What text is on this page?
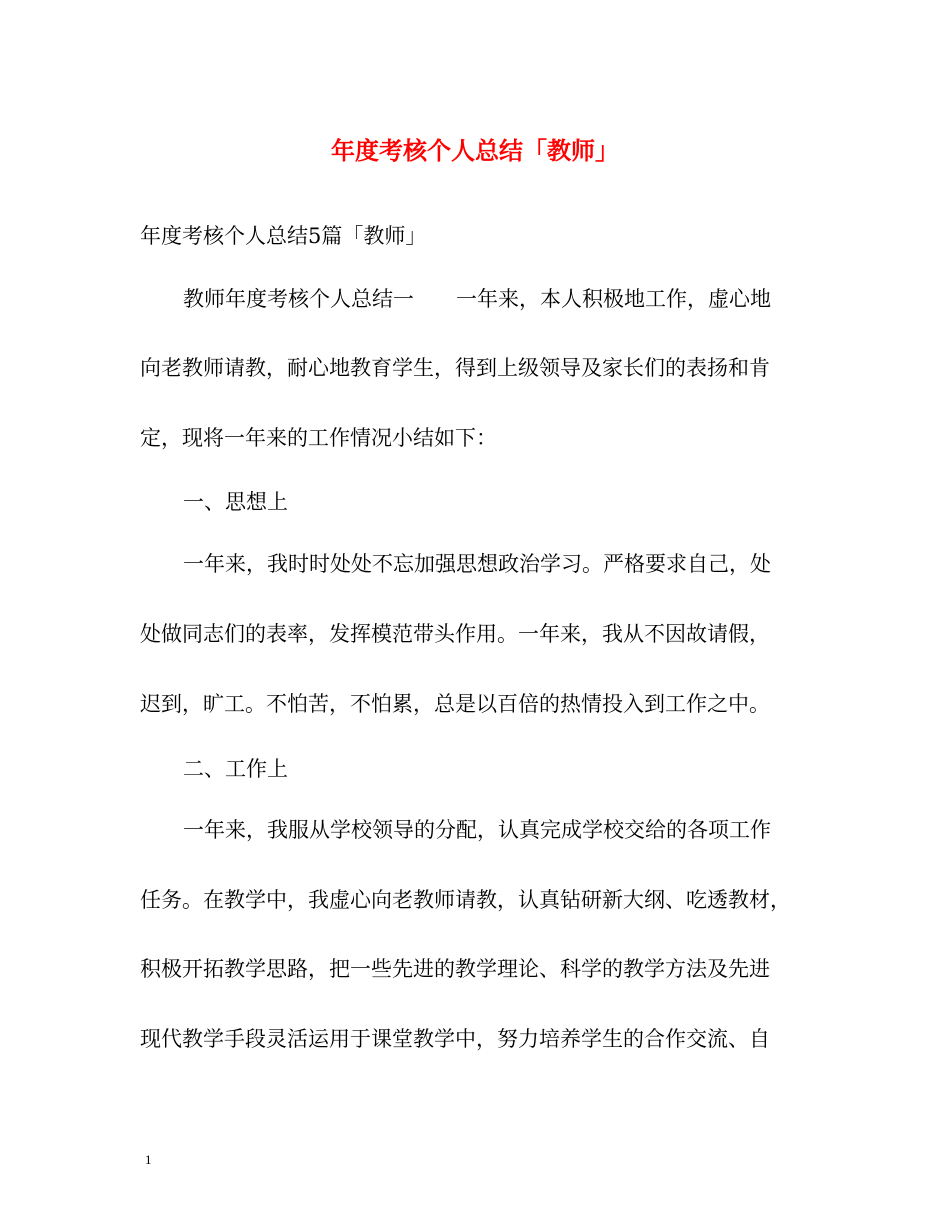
年度考核个人总结「教师」
年度考核个人总结5篇「教师」
教师年度考核个人总结一　　一年来，本人积极地工作，虚心地
向老教师请教，耐心地教育学生，得到上级领导及家长们的表扬和肯
定，现将一年来的工作情况小结如下：
一、思想上
一年来，我时时处处不忘加强思想政治学习。严格要求自己，处
处做同志们的表率，发挥模范带头作用。一年来，我从不因故请假，
迟到，旷工。不怕苦，不怕累，总是以百倍的热情投入到工作之中。
二、工作上
一年来，我服从学校领导的分配，认真完成学校交给的各项工作
任务。在教学中，我虚心向老教师请教，认真钻研新大纲、吃透教材，
积极开拓教学思路，把一些先进的教学理论、科学的教学方法及先进
现代教学手段灵活运用于课堂教学中，努力培养学生的合作交流、自
1
